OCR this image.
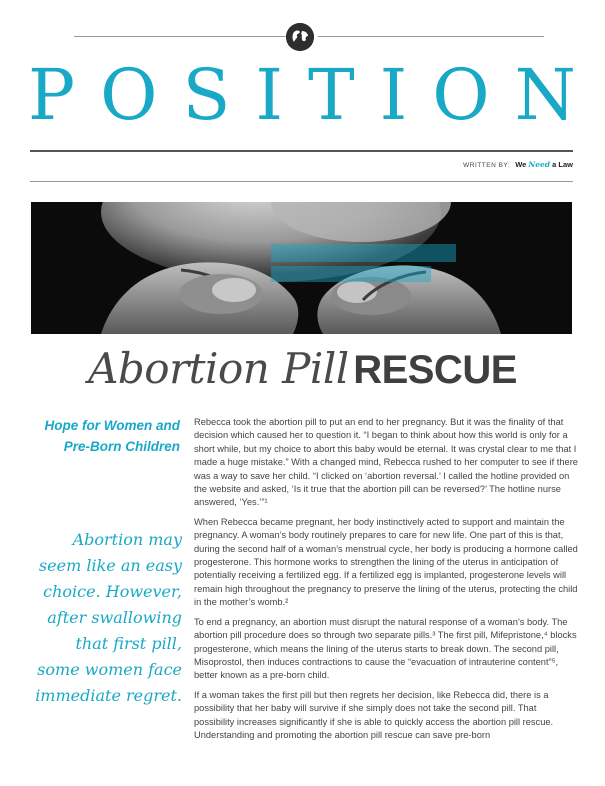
P O S I T I O N
WRITTEN BY: We Need a Law
Abortion Pill RESCUE
Hope for Women and
Pre-Born Children
Abortion may
seem like an easy
choice. However,
after swallowing
that first pill,
some women face
immediate regret.

Rebecca took the abortion pill to put an end to her pregnancy. But it was the finality of that decision which caused her to question it. “I began to think about how this world is only for a short while, but my choice to abort this baby would be eternal. It was crystal clear to me that I made a huge mistake.” With a changed mind, Rebecca rushed to her computer to see if there was a way to save her child. “I clicked on ‘abortion reversal.’ I called the hotline provided on the website and asked, ‘Is it true that the abortion pill can be reversed?’ The hotline nurse answered, ‘Yes.’”¹

When Rebecca became pregnant, her body instinctively acted to support and maintain the pregnancy. A woman’s body routinely prepares to care for new life. One part of this is that, during the second half of a woman’s menstrual cycle, her body is producing a hormone called progesterone. This hormone works to strengthen the lining of the uterus in anticipation of potentially receiving a fertilized egg. If a fertilized egg is implanted, progesterone levels will remain high throughout the pregnancy to preserve the lining of the uterus, protecting the child in the mother’s womb.²

To end a pregnancy, an abortion must disrupt the natural response of a woman’s body. The abortion pill procedure does so through two separate pills.³ The first pill, Mifepristone,⁴ blocks progesterone, which means the lining of the uterus starts to break down. The second pill, Misoprostol, then induces contractions to cause the “evacuation of intrauterine content”⁵, better known as a pre-born child.

If a woman takes the first pill but then regrets her decision, like Rebecca did, there is a possibility that her baby will survive if she simply does not take the second pill. That possibility increases significantly if she is able to quickly access the abortion pill rescue. Understanding and promoting the abortion pill rescue can save pre-born
